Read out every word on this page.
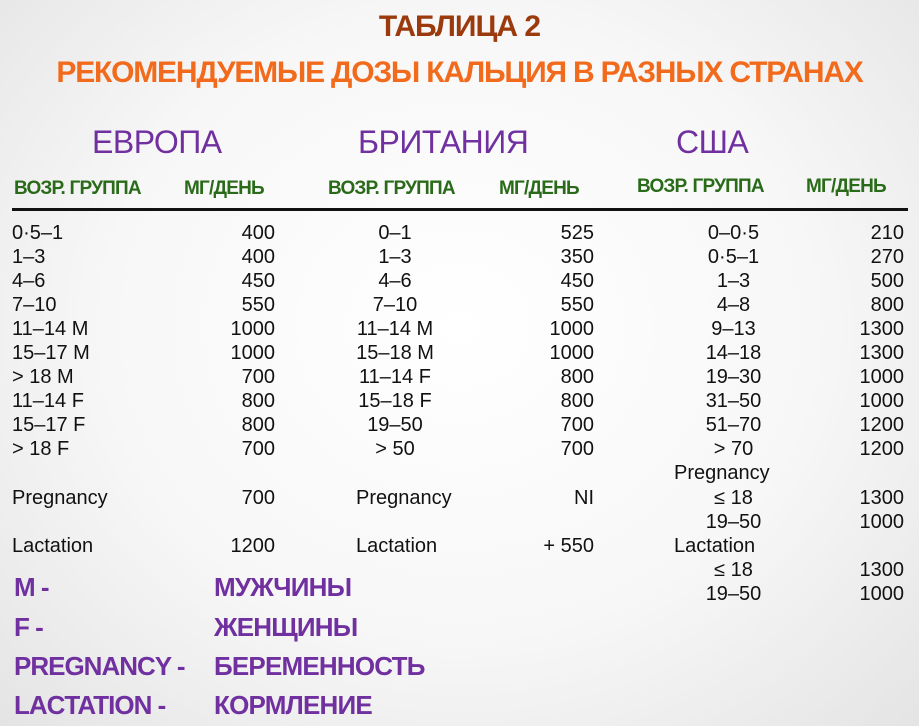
ТАБЛИЦА 2
РЕКОМЕНДУЕМЫЕ ДОЗЫ КАЛЬЦИЯ В РАЗНЫХ СТРАНАХ
ЕВРОПА	БРИТАНИЯ	США
ВОЗР. ГРУППА МГ/ДЕНЬ	ВОЗР. ГРУППА МГ/ДЕНЬ	ВОЗР. ГРУППА МГ/ДЕНЬ
0·5–1	400
1–3	400
4–6	450
7–10	550
11–14 M	1000
15–17 M	1000
> 18 M	700
11–14 F	800
15–17 F	800
> 18 F	700
Pregnancy	700
Lactation	1200
0–1	525
1–3	350
4–6	450
7–10	550
11–14 M	1000
15–18 M	1000
11–14 F	800
15–18 F	800
19–50	700
> 50	700
Pregnancy	NI
Lactation	+ 550
0–0·5	210
0·5–1	270
1–3	500
4–8	800
9–13	1300
14–18	1300
19–30	1000
31–50	1000
51–70	1200
> 70	1200
Pregnancy
≤ 18	1300
19–50	1000
Lactation
≤ 18	1300
19–50	1000
M -	МУЖЧИНЫ
F -	ЖЕНЩИНЫ
PREGNANCY - БЕРЕМЕННОСТЬ
LACTATION - КОРМЛЕНИЕ
